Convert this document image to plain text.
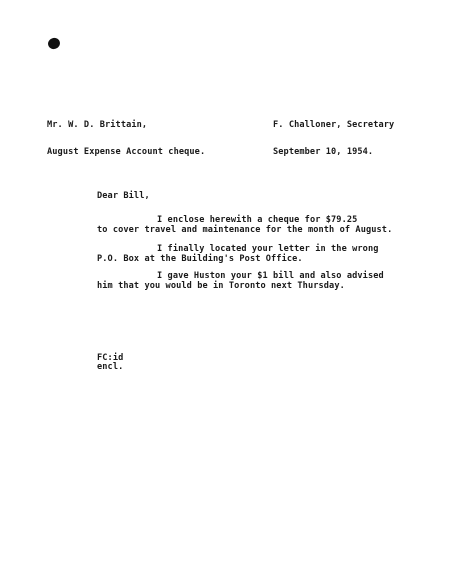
Mr. W. D. Brittain,	F. Challoner, Secretary
August Expense Account cheque.	September 10, 1954.
Dear Bill,
I enclose herewith a cheque for $79.25
to cover travel and maintenance for the month of August.
I finally located your letter in the wrong
P.O. Box at the Building's Post Office.
I gave Huston your $1 bill and also advised
him that you would be in Toronto next Thursday.
FC:id
encl.
